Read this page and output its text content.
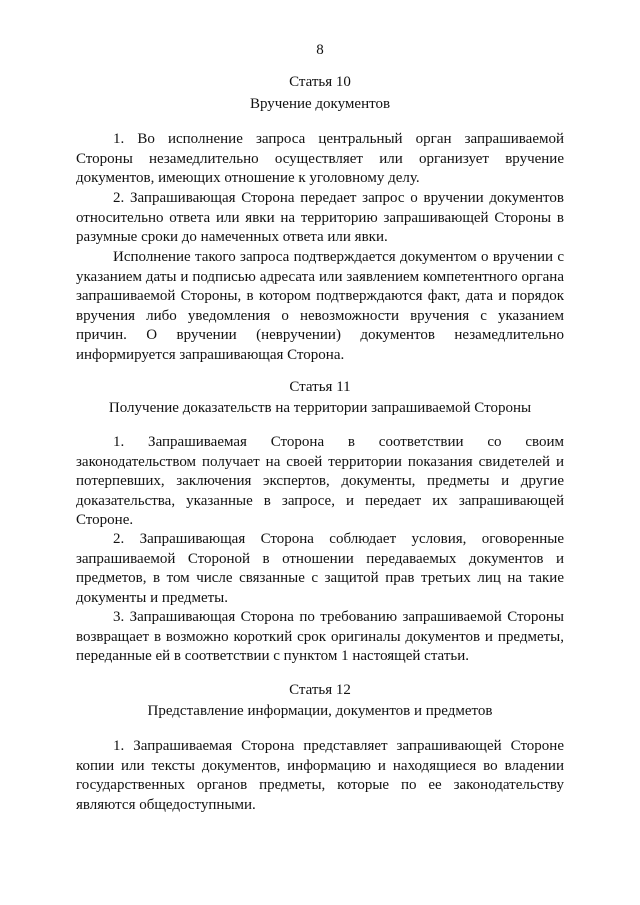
8
Статья 10
Вручение документов

1. Во исполнение запроса центральный орган запрашиваемой Стороны незамедлительно осуществляет или организует вручение документов, имеющих отношение к уголовному делу.

2. Запрашивающая Сторона передает запрос о вручении документов относительно ответа или явки на территорию запрашивающей Стороны в разумные сроки до намеченных ответа или явки.

Исполнение такого запроса подтверждается документом о вручении с указанием даты и подписью адресата или заявлением компетентного органа запрашиваемой Стороны, в котором подтверждаются факт, дата и порядок вручения либо уведомления о невозможности вручения с указанием причин. О вручении (невручении) документов незамедлительно информируется запрашивающая Сторона.

Статья 11
Получение доказательств на территории запрашиваемой Стороны

1. Запрашиваемая Сторона в соответствии со своим законодательством получает на своей территории показания свидетелей и потерпевших, заключения экспертов, документы, предметы и другие доказательства, указанные в запросе, и передает их запрашивающей Стороне.

2. Запрашивающая Сторона соблюдает условия, оговоренные запрашиваемой Стороной в отношении передаваемых документов и предметов, в том числе связанные с защитой прав третьих лиц на такие документы и предметы.

3. Запрашивающая Сторона по требованию запрашиваемой Стороны возвращает в возможно короткий срок оригиналы документов и предметы, переданные ей в соответствии с пунктом 1 настоящей статьи.

Статья 12
Представление информации, документов и предметов

1. Запрашиваемая Сторона представляет запрашивающей Стороне копии или тексты документов, информацию и находящиеся во владении государственных органов предметы, которые по ее законодательству являются общедоступными.
